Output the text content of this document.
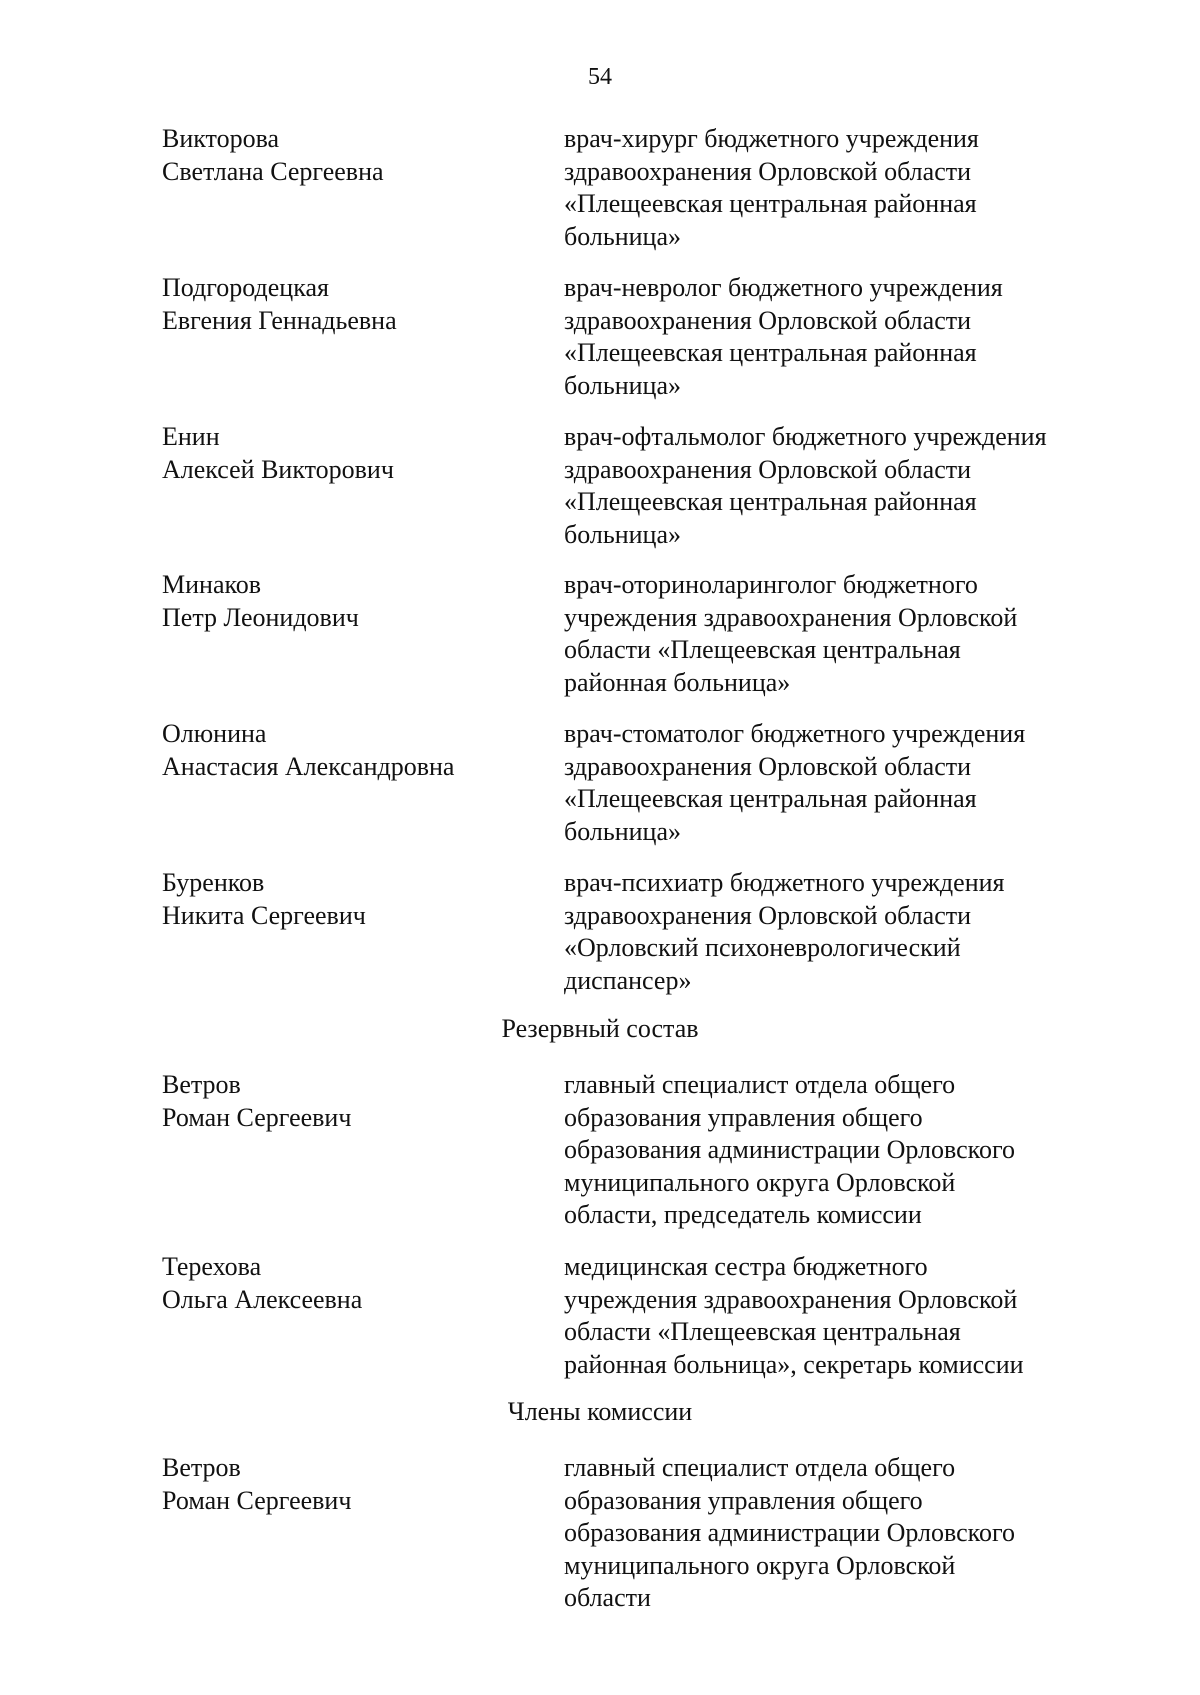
54
Викторова
Светлана Сергеевна
врач-хирург бюджетного учреждения
здравоохранения Орловской области
«Плещеевская центральная районная
больница»
Подгородецкая
Евгения Геннадьевна
врач-невролог бюджетного учреждения
здравоохранения Орловской области
«Плещеевская центральная районная
больница»
Енин
Алексей Викторович
врач-офтальмолог бюджетного учреждения
здравоохранения Орловской области
«Плещеевская центральная районная
больница»
Минаков
Петр Леонидович
врач-оториноларинголог бюджетного
учреждения здравоохранения Орловской
области «Плещеевская центральная
районная больница»
Олюнина
Анастасия Александровна
врач-стоматолог бюджетного учреждения
здравоохранения Орловской области
«Плещеевская центральная районная
больница»
Буренков
Никита Сергеевич
врач-психиатр бюджетного учреждения
здравоохранения Орловской области
«Орловский психоневрологический
диспансер»
Резервный состав
Ветров
Роман Сергеевич
главный специалист отдела общего
образования управления общего
образования администрации Орловского
муниципального округа Орловской
области, председатель комиссии
Терехова
Ольга Алексеевна
медицинская сестра бюджетного
учреждения здравоохранения Орловской
области «Плещеевская центральная
районная больница», секретарь комиссии
Члены комиссии
Ветров
Роман Сергеевич
главный специалист отдела общего
образования управления общего
образования администрации Орловского
муниципального округа Орловской
области
